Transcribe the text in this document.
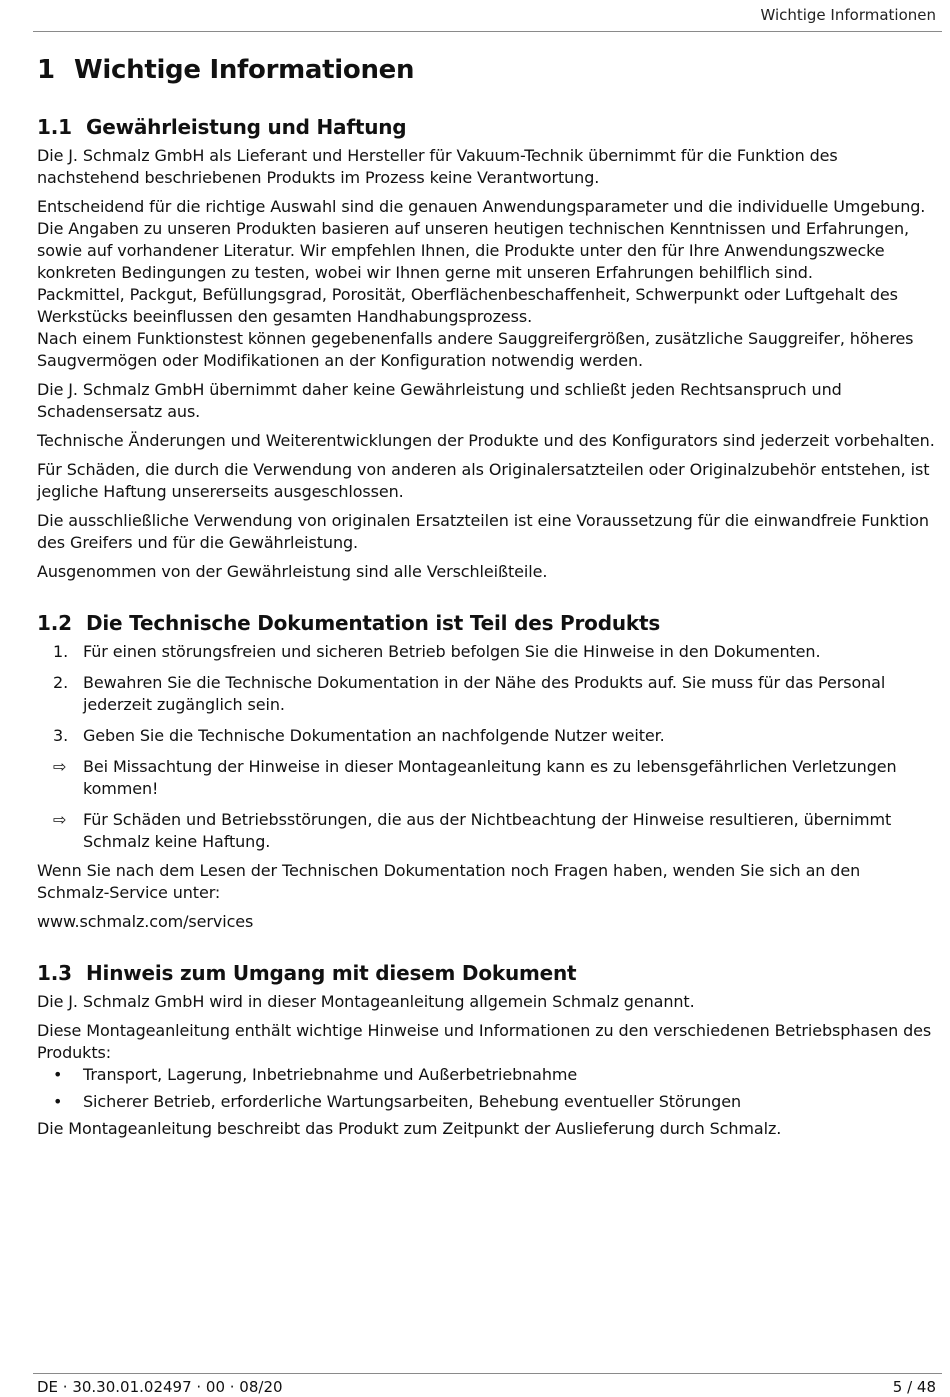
Wichtige Informationen
1 Wichtige Informationen
1.1 Gewährleistung und Haftung

Die J. Schmalz GmbH als Lieferant und Hersteller für Vakuum-Technik übernimmt für die Funktion des nachstehend beschriebenen Produkts im Prozess keine Verantwortung.

Entscheidend für die richtige Auswahl sind die genauen Anwendungsparameter und die individuelle Umgebung.

Die Angaben zu unseren Produkten basieren auf unseren heutigen technischen Kenntnissen und Erfahrungen, sowie auf vorhandener Literatur. Wir empfehlen Ihnen, die Produkte unter den für Ihre Anwendungszwecke konkreten Bedingungen zu testen, wobei wir Ihnen gerne mit unseren Erfahrungen behilflich sind.

Packmittel, Packgut, Befüllungsgrad, Porosität, Oberflächenbeschaffenheit, Schwerpunkt oder Luftgehalt des Werkstücks beeinflussen den gesamten Handhabungsprozess.

Nach einem Funktionstest können gegebenenfalls andere Sauggreifergrößen, zusätzliche Sauggreifer, höheres Saugvermögen oder Modifikationen an der Konfiguration notwendig werden.

Die J. Schmalz GmbH übernimmt daher keine Gewährleistung und schließt jeden Rechtsanspruch und Schadensersatz aus.

Technische Änderungen und Weiterentwicklungen der Produkte und des Konfigurators sind jederzeit vorbehalten.

Für Schäden, die durch die Verwendung von anderen als Originalersatzteilen oder Originalzubehör entstehen, ist jegliche Haftung unsererseits ausgeschlossen.

Die ausschließliche Verwendung von originalen Ersatzteilen ist eine Voraussetzung für die einwandfreie Funktion des Greifers und für die Gewährleistung.

Ausgenommen von der Gewährleistung sind alle Verschleißteile.

1.2 Die Technische Dokumentation ist Teil des Produkts
1. Für einen störungsfreien und sicheren Betrieb befolgen Sie die Hinweise in den Dokumenten.
2. Bewahren Sie die Technische Dokumentation in der Nähe des Produkts auf. Sie muss für das Personal jederzeit zugänglich sein.
3. Geben Sie die Technische Dokumentation an nachfolgende Nutzer weiter.
⇨	Bei Missachtung der Hinweise in dieser Montageanleitung kann es zu lebensgefährlichen Verletzungen kommen!
⇨	Für Schäden und Betriebsstörungen, die aus der Nichtbeachtung der Hinweise resultieren, übernimmt Schmalz keine Haftung.

Wenn Sie nach dem Lesen der Technischen Dokumentation noch Fragen haben, wenden Sie sich an den Schmalz-Service unter:

www.schmalz.com/services

1.3 Hinweis zum Umgang mit diesem Dokument

Die J. Schmalz GmbH wird in dieser Montageanleitung allgemein Schmalz genannt.

Diese Montageanleitung enthält wichtige Hinweise und Informationen zu den verschiedenen Betriebsphasen des Produkts:

•	Transport, Lagerung, Inbetriebnahme und Außerbetriebnahme
•	Sicherer Betrieb, erforderliche Wartungsarbeiten, Behebung eventueller Störungen

Die Montageanleitung beschreibt das Produkt zum Zeitpunkt der Auslieferung durch Schmalz.

DE · 30.30.01.02497 · 00 · 08/20	5 / 48
